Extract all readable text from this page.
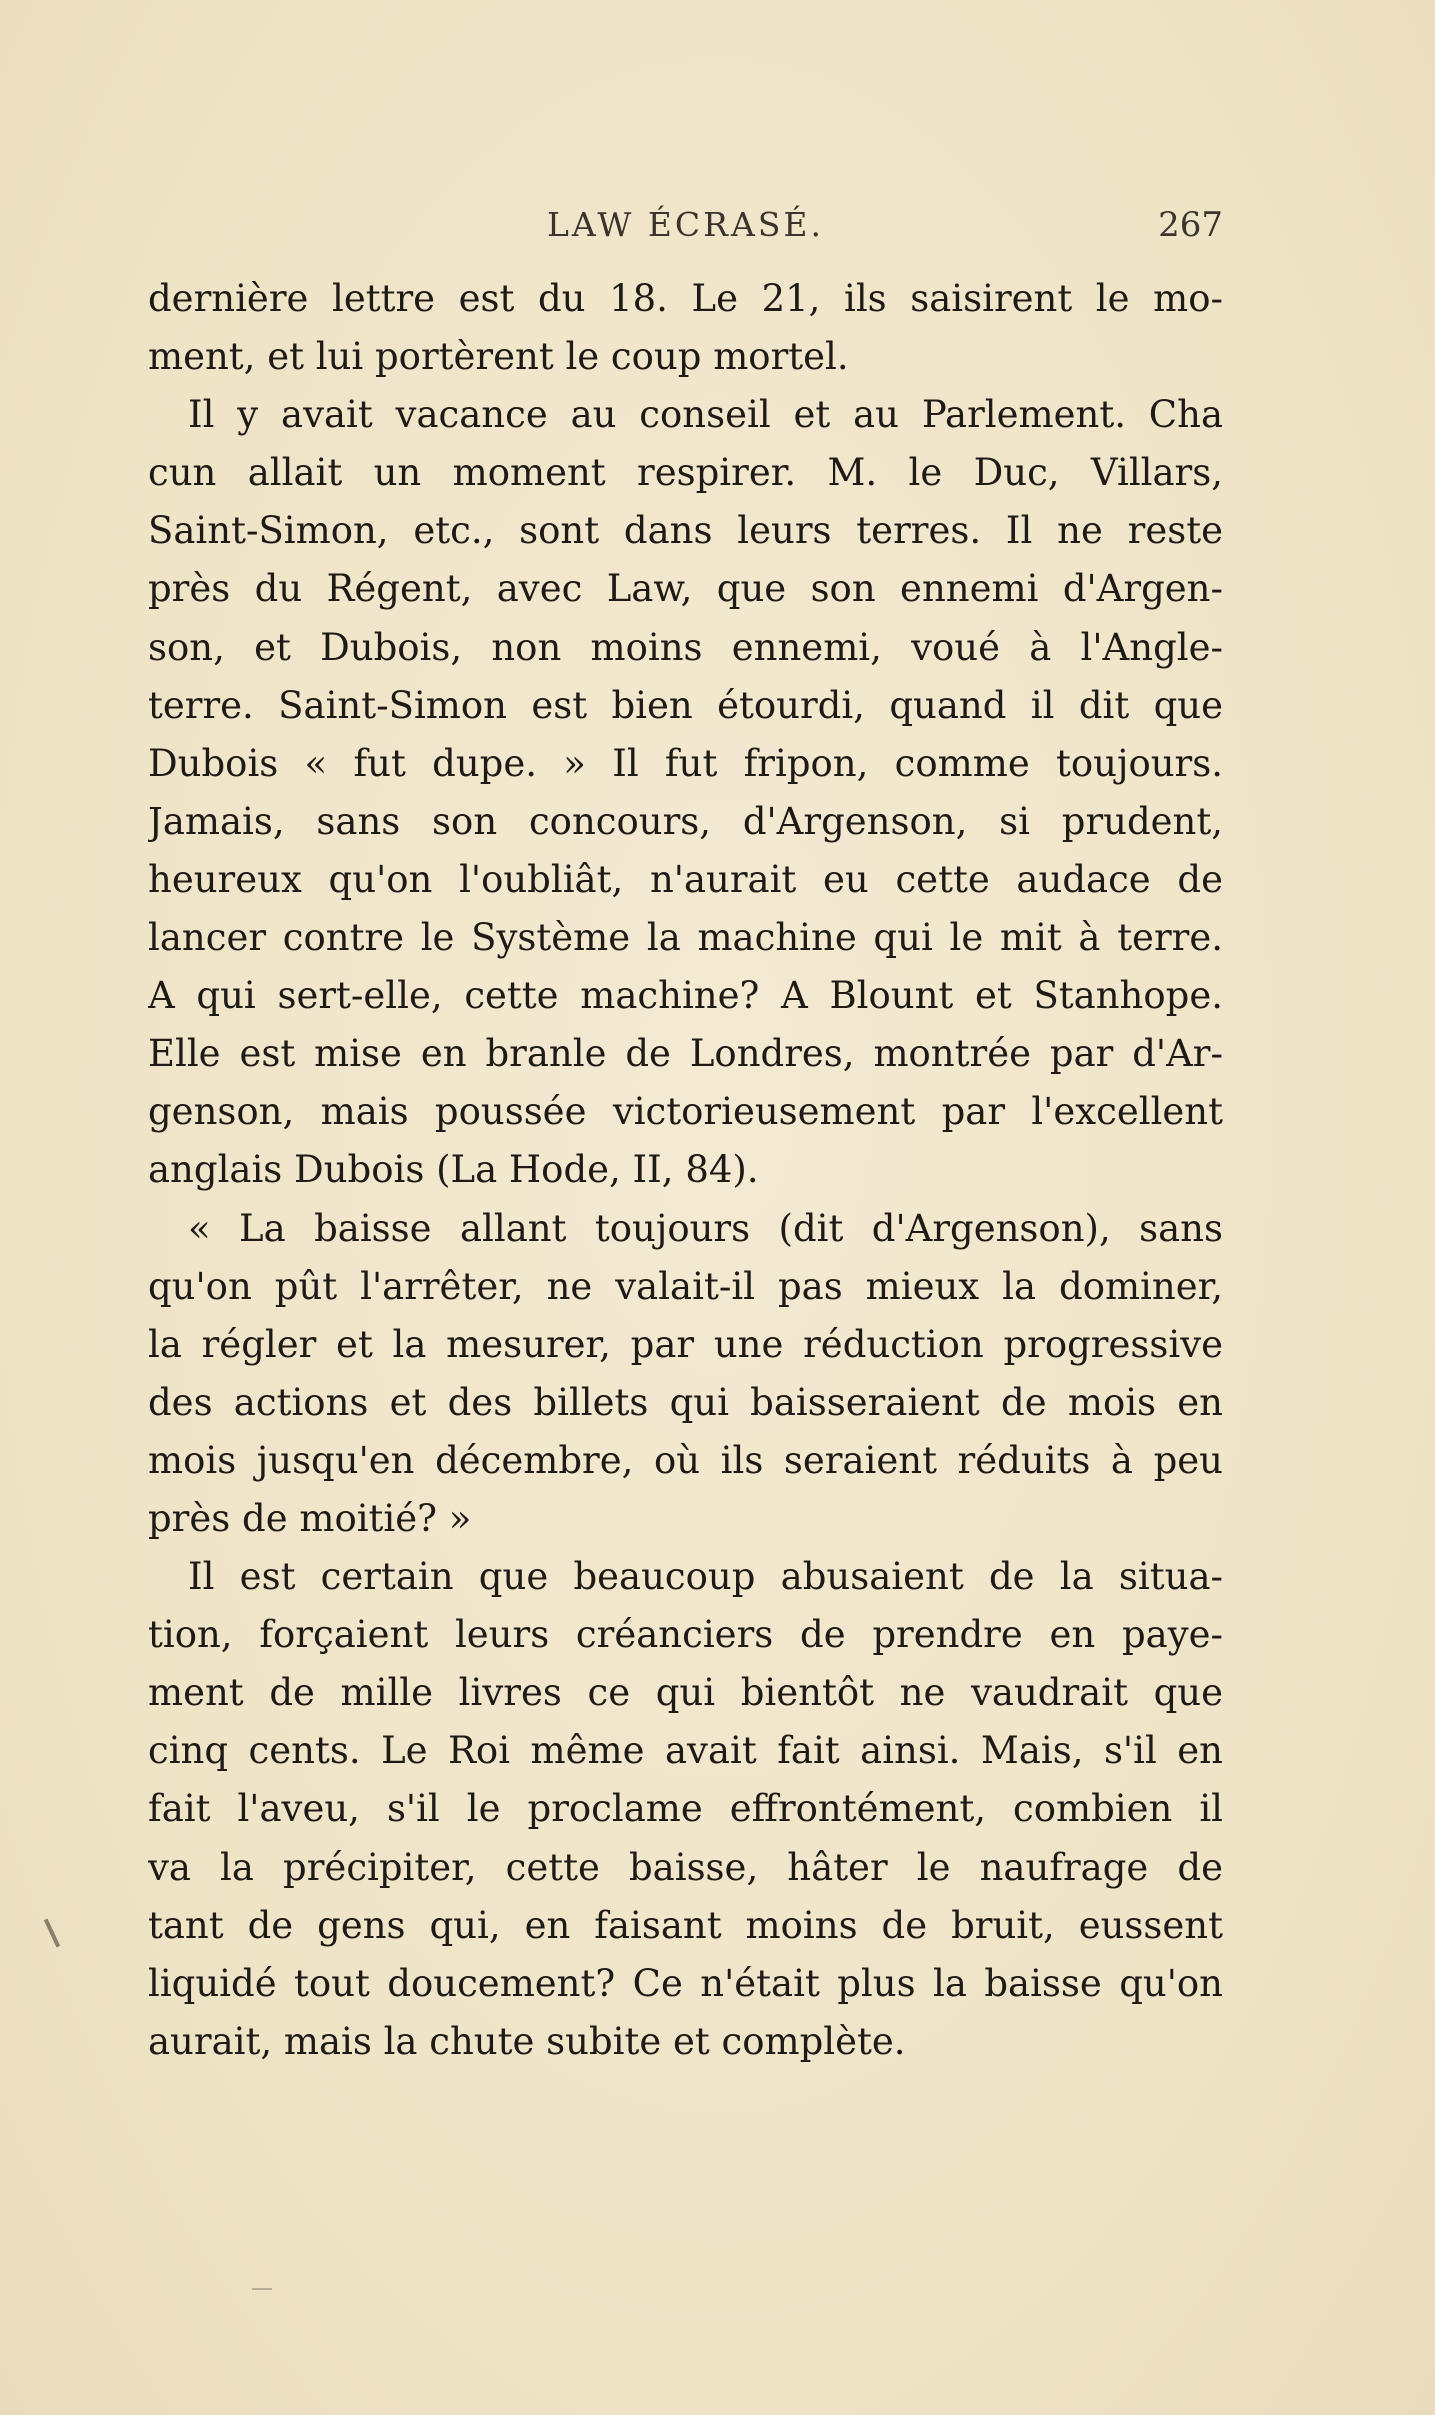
LAW ÉCRASÉ.	267
dernière lettre est du 18. Le 21, ils saisirent le mo-
ment, et lui portèrent le coup mortel.
Il y avait vacance au conseil et au Parlement. Cha
cun allait un moment respirer. M. le Duc, Villars,
Saint-Simon, etc., sont dans leurs terres. Il ne reste
près du Régent, avec Law, que son ennemi d'Argen-
son, et Dubois, non moins ennemi, voué à l'Angle-
terre. Saint-Simon est bien étourdi, quand il dit que
Dubois « fut dupe. » Il fut fripon, comme toujours.
Jamais, sans son concours, d'Argenson, si prudent,
heureux qu'on l'oubliât, n'aurait eu cette audace de
lancer contre le Système la machine qui le mit à terre.
A qui sert-elle, cette machine? A Blount et Stanhope.
Elle est mise en branle de Londres, montrée par d'Ar-
genson, mais poussée victorieusement par l'excellent
anglais Dubois (La Hode, II, 84).
« La baisse allant toujours (dit d'Argenson), sans
qu'on pût l'arrêter, ne valait-il pas mieux la dominer,
la régler et la mesurer, par une réduction progressive
des actions et des billets qui baisseraient de mois en
mois jusqu'en décembre, où ils seraient réduits à peu
près de moitié? »
Il est certain que beaucoup abusaient de la situa-
tion, forçaient leurs créanciers de prendre en paye-
ment de mille livres ce qui bientôt ne vaudrait que
cinq cents. Le Roi même avait fait ainsi. Mais, s'il en
fait l'aveu, s'il le proclame effrontément, combien il
va la précipiter, cette baisse, hâter le naufrage de
tant de gens qui, en faisant moins de bruit, eussent
liquidé tout doucement? Ce n'était plus la baisse qu'on
aurait, mais la chute subite et complète.
